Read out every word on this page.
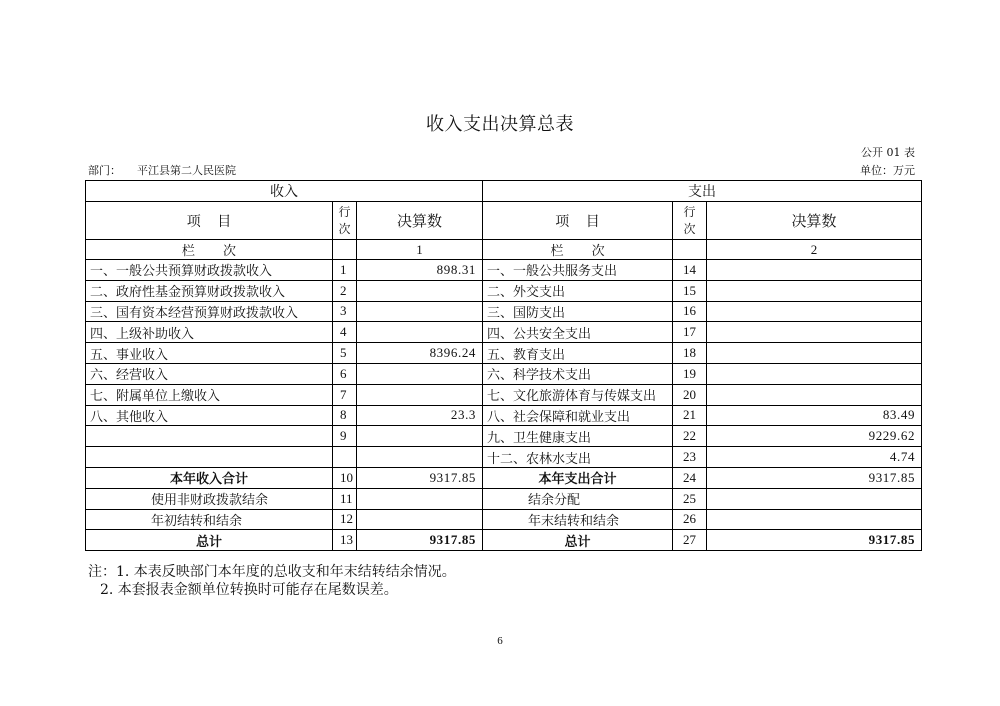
收入支出决算总表
公开 01 表
部门： 平江县第二人民医院	单位：万元
收入			支出		
项 目	行次	决算数	项 目	行次	决算数
栏 次		1	栏 次		2
一、一般公共预算财政拨款收入	1	898.31	一、一般公共服务支出	14	
二、政府性基金预算财政拨款收入	2		二、外交支出	15	
三、国有资本经营预算财政拨款收入	3		三、国防支出	16	
四、上级补助收入	4		四、公共安全支出	17	
五、事业收入	5	8396.24	五、教育支出	18	
六、经营收入	6		六、科学技术支出	19	
七、附属单位上缴收入	7		七、文化旅游体育与传媒支出	20	
八、其他收入	8	23.3	八、社会保障和就业支出	21	83.49
	9		九、卫生健康支出	22	9229.62
			十二、农林水支出	23	4.74
本年收入合计	10	9317.85	本年支出合计	24	9317.85
使用非财政拨款结余	11		结余分配	25	
年初结转和结余	12		年末结转和结余	26	
总计	13	9317.85	总计	27	9317.85

注：1. 本表反映部门本年度的总收支和年末结转结余情况。

2. 本套报表金额单位转换时可能存在尾数误差。

6
